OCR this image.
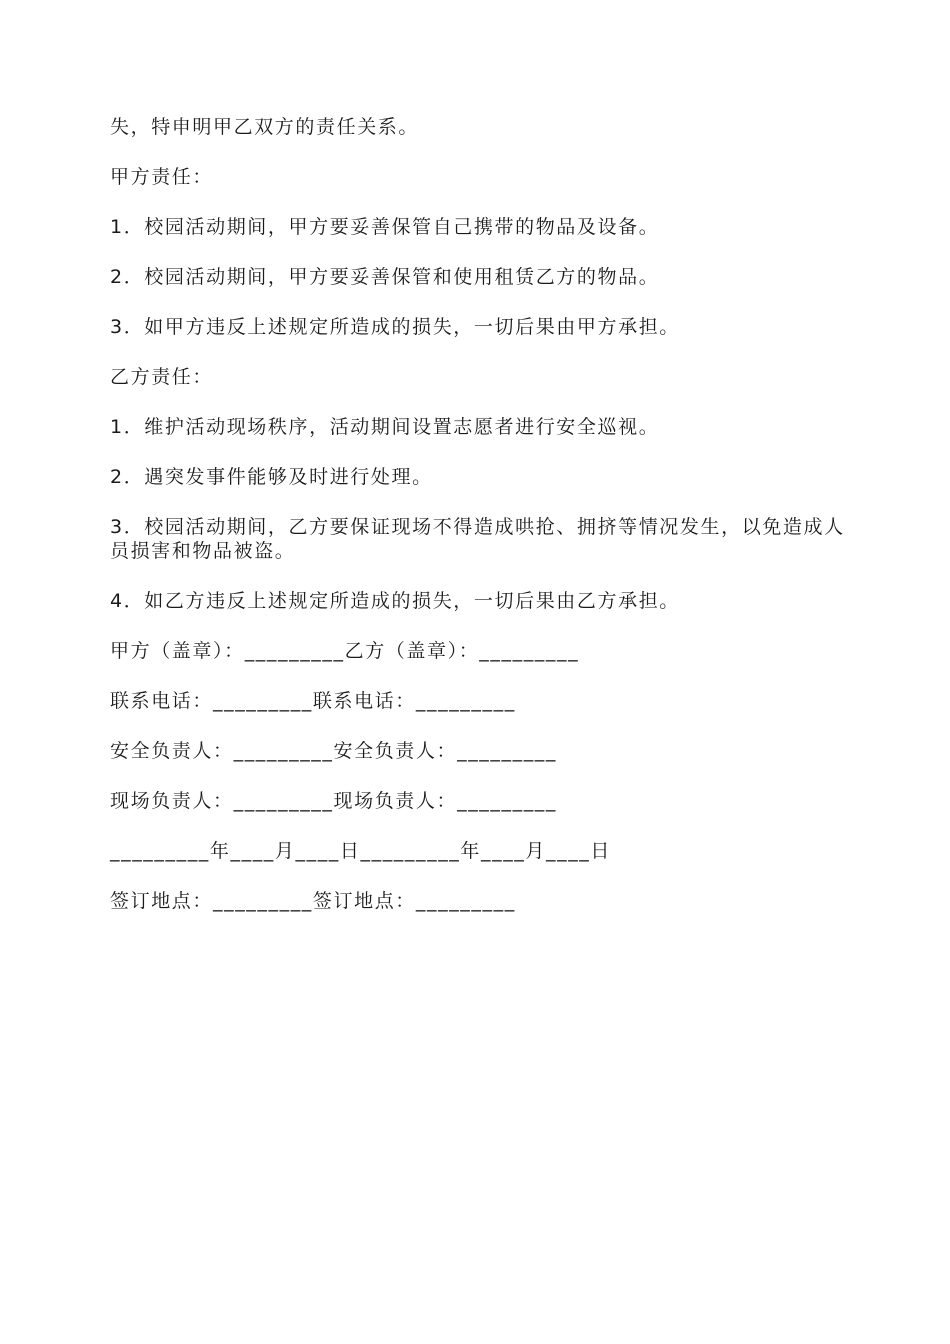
失，特申明甲乙双方的责任关系。

甲方责任：

1．校园活动期间，甲方要妥善保管自己携带的物品及设备。

2．校园活动期间，甲方要妥善保管和使用租赁乙方的物品。

3．如甲方违反上述规定所造成的损失，一切后果由甲方承担。

乙方责任：

1．维护活动现场秩序，活动期间设置志愿者进行安全巡视。

2．遇突发事件能够及时进行处理。

3．校园活动期间，乙方要保证现场不得造成哄抢、拥挤等情况发生，以免造成人员损害和物品被盗。

4．如乙方违反上述规定所造成的损失，一切后果由乙方承担。

甲方（盖章）：_________乙方（盖章）：_________

联系电话：_________联系电话：_________

安全负责人：_________安全负责人：_________

现场负责人：_________现场负责人：_________

_________年____月____日_________年____月____日

签订地点：_________签订地点：_________
